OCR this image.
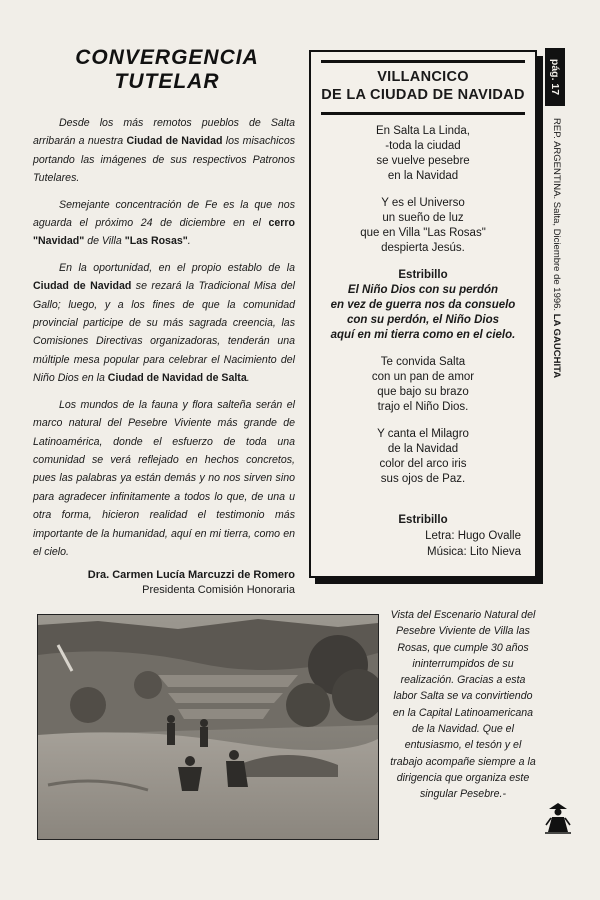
CONVERGENCIA
TUTELAR

Desde los más remotos pueblos de Salta arribarán a nuestra Ciudad de Navidad los misachicos portando las imágenes de sus respectivos Patronos Tutelares.

Semejante concentración de Fe es la que nos aguarda el próximo 24 de diciembre en el cerro "Navidad" de Villa "Las Rosas".

En la oportunidad, en el propio establo de la Ciudad de Navidad se rezará la Tradicional Misa del Gallo; luego, y a los fines de que la comunidad provincial participe de su más sagrada creencia, las Comisiones Directivas organizadoras, tenderán una múltiple mesa popular para celebrar el Nacimiento del Niño Dios en la Ciudad de Navidad de Salta.

Los mundos de la fauna y flora salteña serán el marco natural del Pesebre Viviente más grande de Latinoamérica, donde el esfuerzo de toda una comunidad se verá reflejado en hechos concretos, pues las palabras ya están demás y no nos sirven sino para agradecer infinitamente a todos lo que, de una u otra forma, hicieron realidad el testimonio más importante de la humanidad, aquí en mi tierra, como en el cielo.

Dra. Carmen Lucía Marcuzzi de Romero
Presidenta Comisión Honoraria
VILLANCICO
DE LA CIUDAD DE NAVIDAD
En Salta La Linda,
-toda la ciudad
se vuelve pesebre
en la Navidad
Y es el Universo
un sueño de luz
que en Villa "Las Rosas"
despierta Jesús.
Estribillo
El Niño Dios con su perdón
en vez de guerra nos da consuelo
con su perdón, el Niño Dios
aquí en mi tierra como en el cielo.
Te convida Salta
con un pan de amor
que bajo su brazo
trajo el Niño Dios.
Y canta el Milagro
de la Navidad
color del arco iris
sus ojos de Paz.
Estribillo
Letra: Hugo Ovalle
Música: Lito Nieva
pág. 17
REP. ARGENTINA. Salta, Diciembre de 1996. LA GAUCHITA
Vista del Escenario Natural del Pesebre Viviente de Villa las Rosas, que cumple 30 años ininterrumpidos de su realización. Gracias a esta labor Salta se va convirtiendo en la Capital Latinoamericana de la Navidad. Que el entusiasmo, el tesón y el trabajo acompañe siempre a la dirigencia que organiza este singular Pesebre.-
